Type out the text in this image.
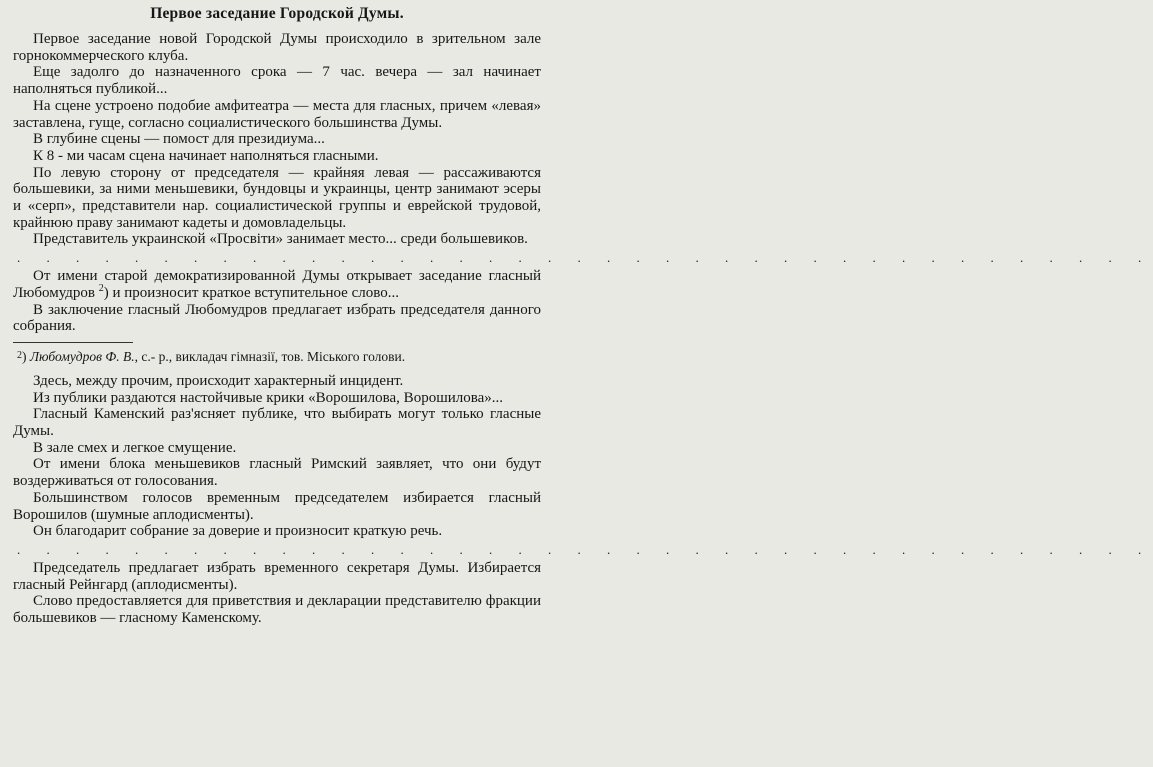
Первое заседание Городской Думы.

Первое заседание новой Городской Думы происходило в зрительном зале горнокоммерческого клуба.

Еще задолго до назначенного срока — 7 час. вечера — зал начинает наполняться публикой...

На сцене устроено подобие амфитеатра — места для гласных, причем «левая» заставлена, гуще, согласно социалистического большинства Думы.

В глубине сцены — помост для президиума...

К 8 - ми часам сцена начинает наполняться гласными.

По левую сторону от председателя — крайняя левая — рассаживаются большевики, за ними меньшевики, бундовцы и украинцы, центр занимают эсеры и «серп», представители нар. социалистической группы и еврейской трудовой, крайнюю праву занимают кадеты и домовладельцы.

Представитель украинской «Просвіти» занимает место... среди большевиков.

. . . . . . . . . . . . . . . . . . . . . . . . . . . . . . . . . . . . . . .

От имени старой демократизированной Думы открывает заседание гласный Любомудров $^2$) и произносит краткое вступительное слово...

В заключение гласный Любомудров предлагает избрать председателя данного собрания.

$^2$) Любомудров Ф. В., с.- р., викладач гімназії, тов. Міського голови.

Здесь, между прочим, происходит характерный инцидент.

Из публики раздаются настойчивые крики «Ворошилова, Ворошилова»...

Гласный Каменский раз'ясняет публике, что выбирать могут только гласные Думы.

В зале смех и легкое смущение.

От имени блока меньшевиков гласный Римский заявляет, что они будут воздерживаться от голосования.

Большинством голосов временным председателем избирается гласный Ворошилов (шумные аплодисменты).

Он благодарит собрание за доверие и произносит краткую речь.

. . . . . . . . . . . . . . . . . . . . . . . . . . . . . . . . . . . . . . .

Председатель предлагает избрать временного секретаря Думы. Избирается гласный Рейнгард (аплодисменты).

Слово предоставляется для приветствия и декларации представителю фракции большевиков — гласному Каменскому.
